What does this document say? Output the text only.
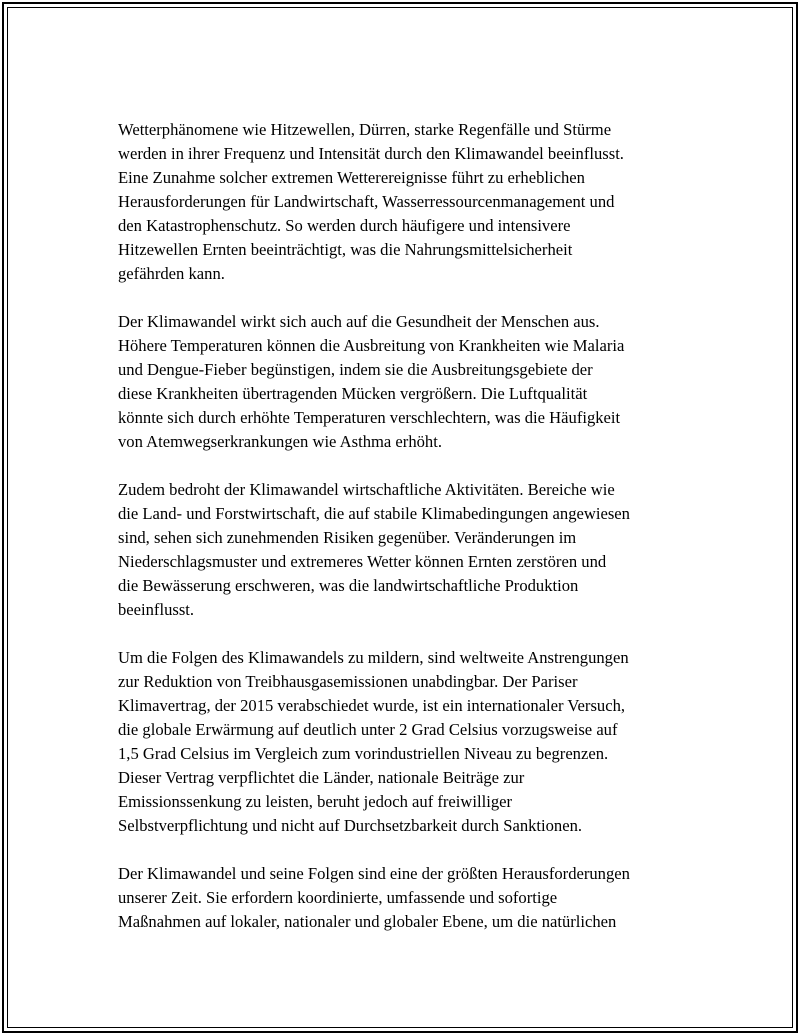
Wetterphänomene wie Hitzewellen, Dürren, starke Regenfälle und Stürme
werden in ihrer Frequenz und Intensität durch den Klimawandel beeinflusst.
Eine Zunahme solcher extremen Wetterereignisse führt zu erheblichen
Herausforderungen für Landwirtschaft, Wasserressourcenmanagement und
den Katastrophenschutz. So werden durch häufigere und intensivere
Hitzewellen Ernten beeinträchtigt, was die Nahrungsmittelsicherheit
gefährden kann.

Der Klimawandel wirkt sich auch auf die Gesundheit der Menschen aus.
Höhere Temperaturen können die Ausbreitung von Krankheiten wie Malaria
und Dengue-Fieber begünstigen, indem sie die Ausbreitungsgebiete der
diese Krankheiten übertragenden Mücken vergrößern. Die Luftqualität
könnte sich durch erhöhte Temperaturen verschlechtern, was die Häufigkeit
von Atemwegserkrankungen wie Asthma erhöht.

Zudem bedroht der Klimawandel wirtschaftliche Aktivitäten. Bereiche wie
die Land- und Forstwirtschaft, die auf stabile Klimabedingungen angewiesen
sind, sehen sich zunehmenden Risiken gegenüber. Veränderungen im
Niederschlagsmuster und extremeres Wetter können Ernten zerstören und
die Bewässerung erschweren, was die landwirtschaftliche Produktion
beeinflusst.

Um die Folgen des Klimawandels zu mildern, sind weltweite Anstrengungen
zur Reduktion von Treibhausgasemissionen unabdingbar. Der Pariser
Klimavertrag, der 2015 verabschiedet wurde, ist ein internationaler Versuch,
die globale Erwärmung auf deutlich unter 2 Grad Celsius vorzugsweise auf
1,5 Grad Celsius im Vergleich zum vorindustriellen Niveau zu begrenzen.
Dieser Vertrag verpflichtet die Länder, nationale Beiträge zur
Emissionssenkung zu leisten, beruht jedoch auf freiwilliger
Selbstverpflichtung und nicht auf Durchsetzbarkeit durch Sanktionen.

Der Klimawandel und seine Folgen sind eine der größten Herausforderungen
unserer Zeit. Sie erfordern koordinierte, umfassende und sofortige
Maßnahmen auf lokaler, nationaler und globaler Ebene, um die natürlichen
